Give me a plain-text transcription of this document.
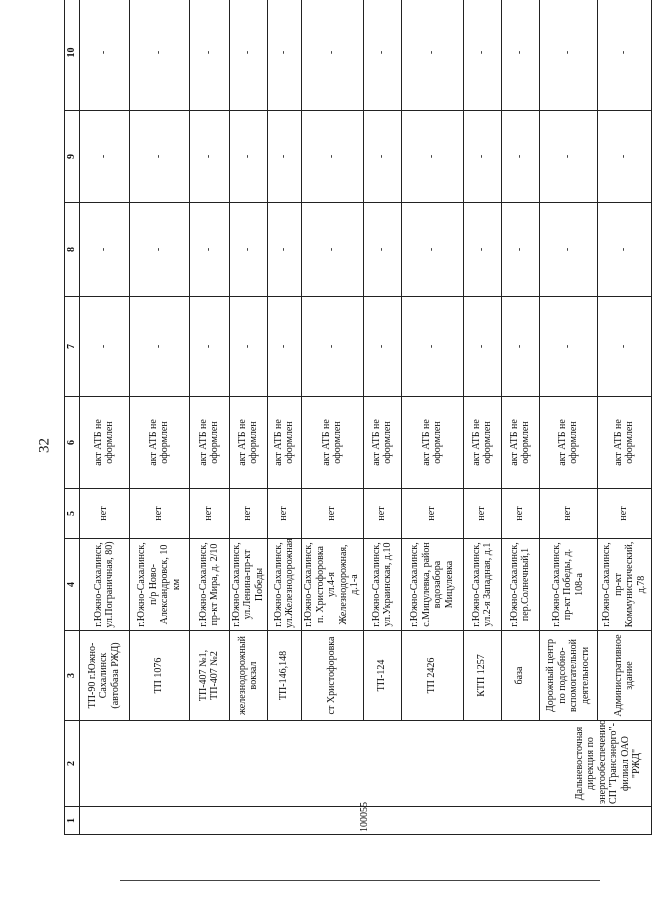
32
1	2	3	4	5	6	7	8	9	10
100055	Дальневосточная дирекция по энергообеспечению СП "Трансэнерго"-филиал ОАО "РЖД"	ТП-90 г.Южно-Сахалинск (автобаза РЖД)	г.Южно-Сахалинск, ул.Пограничная, 80)	нет	акт АТБ не оформлен	-	-	-	-
		ТП 1076	г.Южно-Сахалинск, п/р Ново-Александровск, 10 км	нет	акт АТБ не оформлен	-	-	-	-
		ТП-407 №1, ТП-407 №2	г.Южно-Сахалинск, пр-кт Мира, д. 2/10	нет	акт АТБ не оформлен	-	-	-	-
		железнодорожный вокзал	г.Южно-Сахалинск, ул.Ленина-пр-кт Победы	нет	акт АТБ не оформлен	-	-	-	-
		ТП-146,148	г.Южно-Сахалинск, ул.Железнодорожная	нет	акт АТБ не оформлен	-	-	-	-
		ст Христофоровка	г.Южно-Сахалинск, п. Христофоровка ул.4-я Железнодорожная, д.1-а	нет	акт АТБ не оформлен	-	-	-	-
		ТП-124	г.Южно-Сахалинск, ул.Украинская, д.10	нет	акт АТБ не оформлен	-	-	-	-
		ТП 2426	г.Южно-Сахалинск, с.Мицулевка, район водозабора Мицулевка	нет	акт АТБ не оформлен	-	-	-	-
		КТП 1257	г.Южно-Сахалинск, ул.2-я Западная, д.1	нет	акт АТБ не оформлен	-	-	-	-
		база	г.Южно-Сахалинск, пер.Солнечный,1	нет	акт АТБ не оформлен	-	-	-	-
		Дорожный центр по подсобно-вспомогательной деятельности	г.Южно-Сахалинск, пр-кт Победы, д. 108-а	нет	акт АТБ не оформлен	-	-	-	-
		Административное здание	г.Южно-Сахалинск, пр-кт Коммунистический, д.78	нет	акт АТБ не оформлен	-	-	-	-
